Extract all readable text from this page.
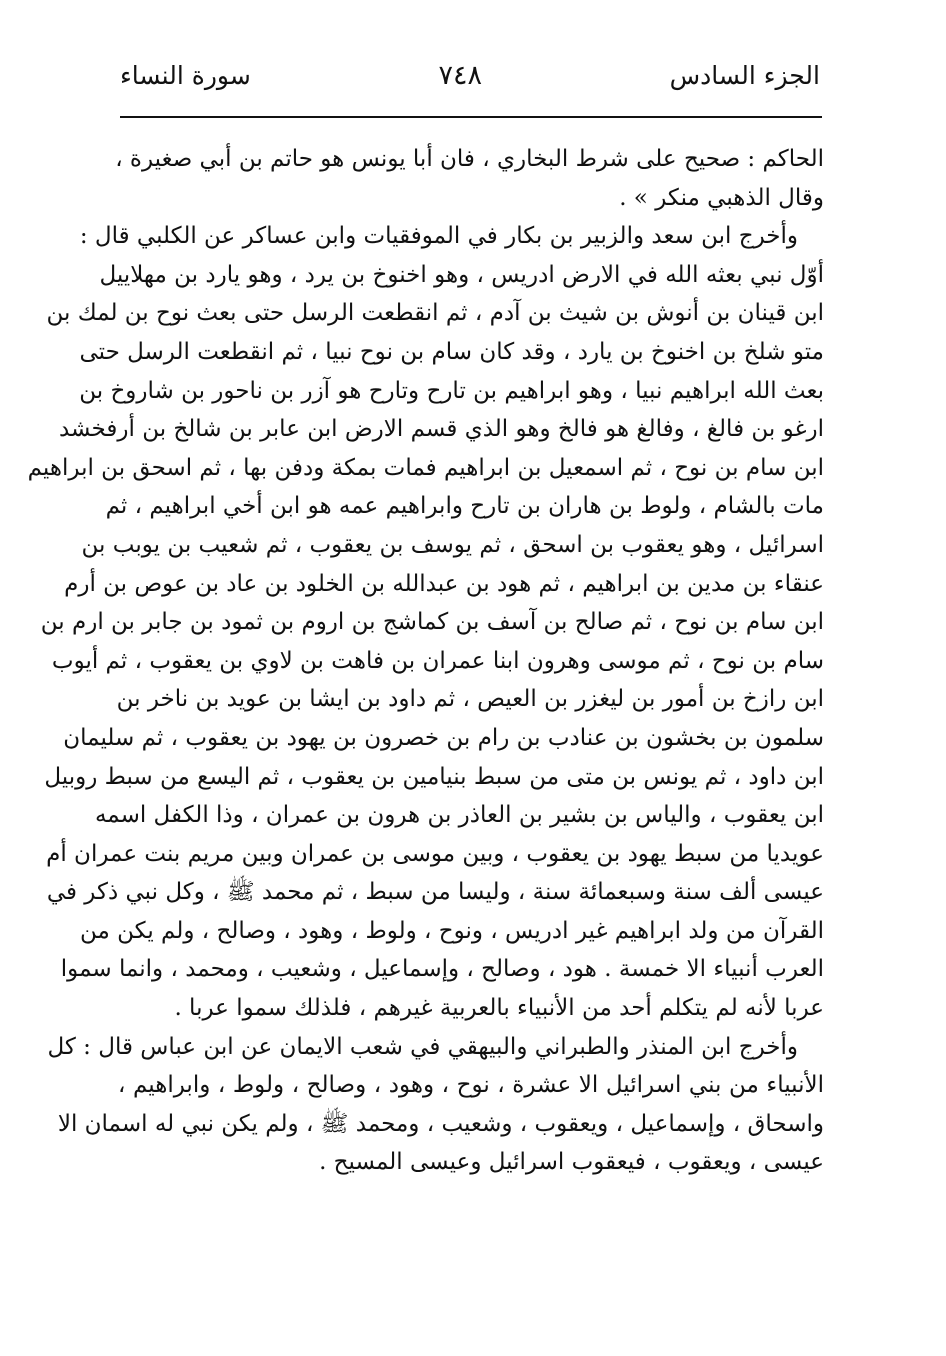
الجزء السادس
٧٤٨
سورة النساء
الحاكم : صحيح على شرط البخاري ، فان أبا يونس هو حاتم بن أبي صغيرة ،
وقال الذهبي منكر » .
وأخرج ابن سعد والزبير بن بكار في الموفقيات وابن عساكر عن الكلبي قال :
أوّل نبي بعثه الله في الارض ادريس ، وهو اخنوخ بن يرد ، وهو يارد بن مهلاييل
ابن قينان بن أنوش بن شيث بن آدم ، ثم انقطعت الرسل حتى بعث نوح بن لمك بن
متو شلخ بن اخنوخ بن يارد ، وقد كان سام بن نوح نبيا ، ثم انقطعت الرسل حتى
بعث الله ابراهيم نبيا ، وهو ابراهيم بن تارح وتارح هو آزر بن ناحور بن شاروخ بن
ارغو بن فالغ ، وفالغ هو فالخ وهو الذي قسم الارض ابن عابر بن شالخ بن أرفخشد
ابن سام بن نوح ، ثم اسمعيل بن ابراهيم فمات بمكة ودفن بها ، ثم اسحق بن ابراهيم
مات بالشام ، ولوط بن هاران بن تارح وابراهيم عمه هو ابن أخي ابراهيم ، ثم
اسرائيل ، وهو يعقوب بن اسحق ، ثم يوسف بن يعقوب ، ثم شعيب بن يوبب بن
عنقاء بن مدين بن ابراهيم ، ثم هود بن عبدالله بن الخلود بن عاد بن عوص بن أرم
ابن سام بن نوح ، ثم صالح بن آسف بن كماشج بن اروم بن ثمود بن جابر بن ارم بن
سام بن نوح ، ثم موسى وهرون ابنا عمران بن فاهت بن لاوي بن يعقوب ، ثم أيوب
ابن رازخ بن أمور بن ليغزر بن العيص ، ثم داود بن ايشا بن عويد بن ناخر بن
سلمون بن بخشون بن عنادب بن رام بن خصرون بن يهود بن يعقوب ، ثم سليمان
ابن داود ، ثم يونس بن متى من سبط بنيامين بن يعقوب ، ثم اليسع من سبط روبيل
ابن يعقوب ، والياس بن بشير بن العاذر بن هرون بن عمران ، وذا الكفل اسمه
عويديا من سبط يهود بن يعقوب ، وبين موسى بن عمران وبين مريم بنت عمران أم
عيسى ألف سنة وسبعمائة سنة ، وليسا من سبط ، ثم محمد ﷺ ، وكل نبي ذكر في
القرآن من ولد ابراهيم غير ادريس ، ونوح ، ولوط ، وهود ، وصالح ، ولم يكن من
العرب أنبياء الا خمسة . هود ، وصالح ، وإسماعيل ، وشعيب ، ومحمد ، وانما سموا
عربا لأنه لم يتكلم أحد من الأنبياء بالعربية غيرهم ، فلذلك سموا عربا .
وأخرج ابن المنذر والطبراني والبيهقي في شعب الايمان عن ابن عباس قال : كل
الأنبياء من بني اسرائيل الا عشرة ، نوح ، وهود ، وصالح ، ولوط ، وابراهيم ،
واسحاق ، وإسماعيل ، ويعقوب ، وشعيب ، ومحمد ﷺ ، ولم يكن نبي له اسمان الا
عيسى ، ويعقوب ، فيعقوب اسرائيل وعيسى المسيح .
